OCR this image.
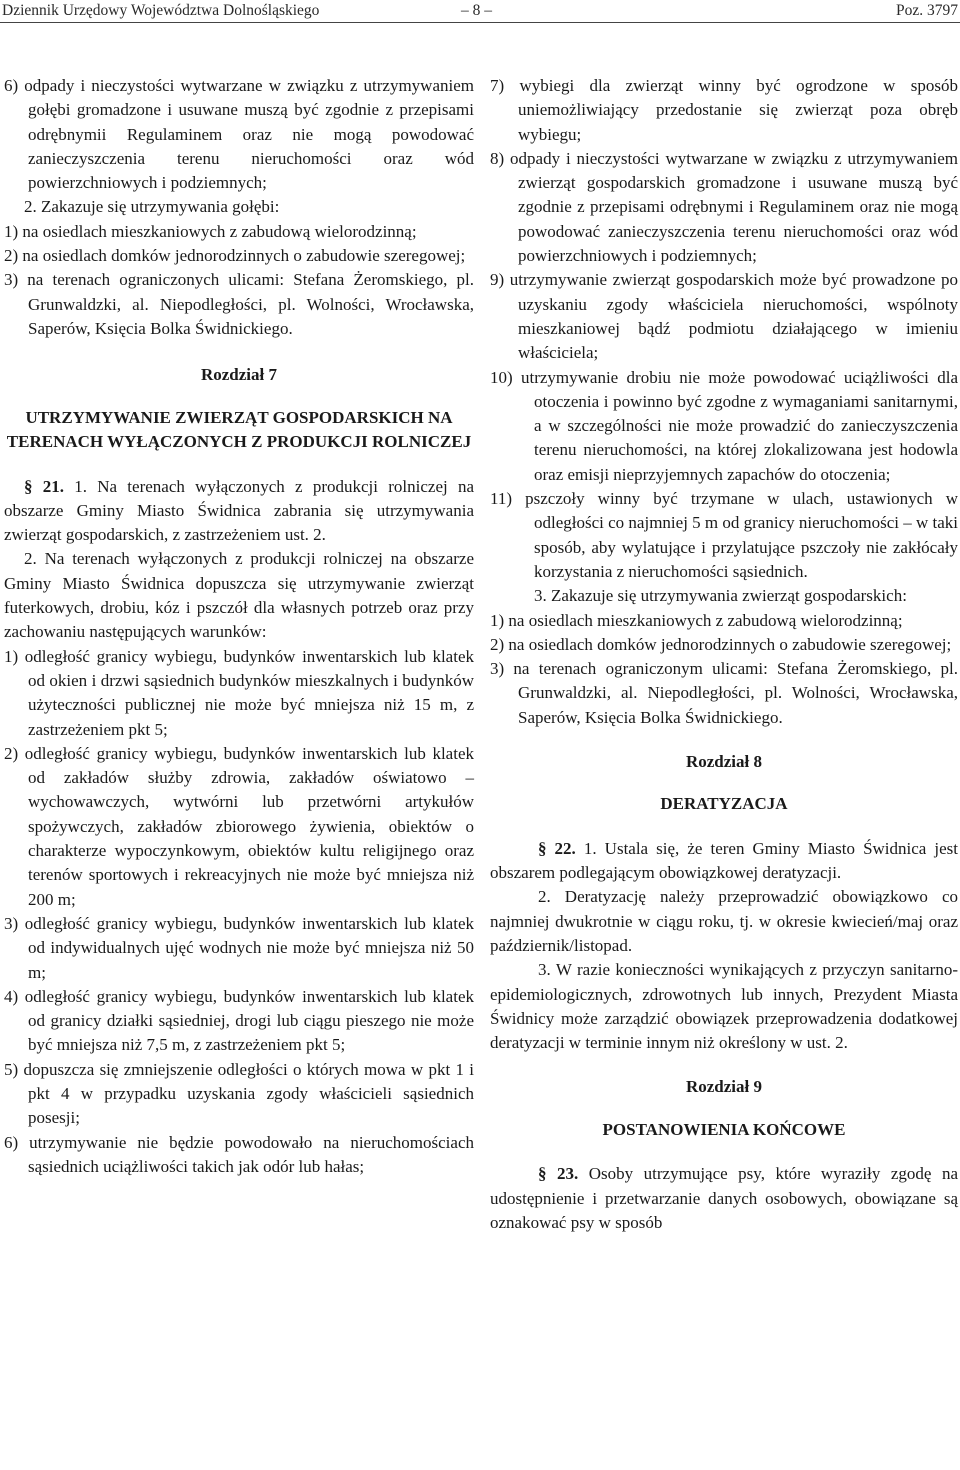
Dziennik Urzędowy Województwa Dolnośląskiego	– 8 –	Poz. 3797

6) odpady i nieczystości wytwarzane w związku z utrzymywaniem gołębi gromadzone i usuwane muszą być zgodnie z przepisami odrębnymii Regulaminem oraz nie mogą powodować zanieczyszczenia terenu nieruchomości oraz wód powierzchniowych i podziemnych;

2. Zakazuje się utrzymywania gołębi:

1) na osiedlach mieszkaniowych z zabudową wielorodzinną;

2) na osiedlach domków jednorodzinnych o zabudowie szeregowej;

3) na terenach ograniczonych ulicami: Stefana Żeromskiego, pl. Grunwaldzki, al. Niepodległości, pl. Wolności, Wrocławska, Saperów, Księcia Bolka Świdnickiego.

Rozdział 7

UTRZYMYWANIE ZWIERZĄT GOSPODARSKICH NA TERENACH WYŁĄCZONYCH Z PRODUKCJI ROLNICZEJ

§ 21. 1. Na terenach wyłączonych z produkcji rolniczej na obszarze Gminy Miasto Świdnica zabrania się utrzymywania zwierząt gospodarskich, z zastrzeżeniem ust. 2.

2. Na terenach wyłączonych z produkcji rolniczej na obszarze Gminy Miasto Świdnica dopuszcza się utrzymywanie zwierząt futerkowych, drobiu, kóz i pszczół dla własnych potrzeb oraz przy zachowaniu następujących warunków:

1) odległość granicy wybiegu, budynków inwentarskich lub klatek od okien i drzwi sąsiednich budynków mieszkalnych i budynków użyteczności publicznej nie może być mniejsza niż 15 m, z zastrzeżeniem pkt 5;

2) odległość granicy wybiegu, budynków inwentarskich lub klatek od zakładów służby zdrowia, zakładów oświatowo – wychowawczych, wytwórni lub przetwórni artykułów spożywczych, zakładów zbiorowego żywienia, obiektów o charakterze wypoczynkowym, obiektów kultu religijnego oraz terenów sportowych i rekreacyjnych nie może być mniejsza niż 200 m;

3) odległość granicy wybiegu, budynków inwentarskich lub klatek od indywidualnych ujęć wodnych nie może być mniejsza niż 50 m;

4) odległość granicy wybiegu, budynków inwentarskich lub klatek od granicy działki sąsiedniej, drogi lub ciągu pieszego nie może być mniejsza niż 7,5 m, z zastrzeżeniem pkt 5;

5) dopuszcza się zmniejszenie odległości o których mowa w pkt 1 i pkt 4 w przypadku uzyskania zgody właścicieli sąsiednich posesji;

6) utrzymywanie nie będzie powodowało na nieruchomościach sąsiednich uciążliwości takich jak odór lub hałas;

7) wybiegi dla zwierząt winny być ogrodzone w sposób uniemożliwiający przedostanie się zwierząt poza obręb wybiegu;

8) odpady i nieczystości wytwarzane w związku z utrzymywaniem zwierząt gospodarskich gromadzone i usuwane muszą być zgodnie z przepisami odrębnymi i Regulaminem oraz nie mogą powodować zanieczyszczenia terenu nieruchomości oraz wód powierzchniowych i podziemnych;

9) utrzymywanie zwierząt gospodarskich może być prowadzone po uzyskaniu zgody właściciela nieruchomości, wspólnoty mieszkaniowej bądź podmiotu działającego w imieniu właściciela;

10) utrzymywanie drobiu nie może powodować uciążliwości dla otoczenia i powinno być zgodne z wymaganiami sanitarnymi, a w szczególności nie może prowadzić do zanieczyszczenia terenu nieruchomości, na której zlokalizowana jest hodowla oraz emisji nieprzyjemnych zapachów do otoczenia;

11) pszczoły winny być trzymane w ulach, ustawionych w odległości co najmniej 5 m od granicy nieruchomości – w taki sposób, aby wylatujące i przylatujące pszczoły nie zakłócały korzystania z nieruchomości sąsiednich.

3. Zakazuje się utrzymywania zwierząt gospodarskich:

1) na osiedlach mieszkaniowych z zabudową wielorodzinną;

2) na osiedlach domków jednorodzinnych o zabudowie szeregowej;

3) na terenach ograniczonym ulicami: Stefana Żeromskiego, pl. Grunwaldzki, al. Niepodległości, pl. Wolności, Wrocławska, Saperów, Księcia Bolka Świdnickiego.

Rozdział 8

DERATYZACJA

§ 22. 1. Ustala się, że teren Gminy Miasto Świdnica jest obszarem podlegającym obowiązkowej deratyzacji.

2. Deratyzację należy przeprowadzić obowiązkowo co najmniej dwukrotnie w ciągu roku, tj. w okresie kwiecień/maj oraz październik/listopad.

3. W razie konieczności wynikających z przyczyn sanitarno-epidemiologicznych, zdrowotnych lub innych, Prezydent Miasta Świdnicy może zarządzić obowiązek przeprowadzenia dodatkowej deratyzacji w terminie innym niż określony w ust. 2.

Rozdział 9

POSTANOWIENIA KOŃCOWE

§ 23. Osoby utrzymujące psy, które wyraziły zgodę na udostępnienie i przetwarzanie danych osobowych, obowiązane są oznakować psy w sposób
